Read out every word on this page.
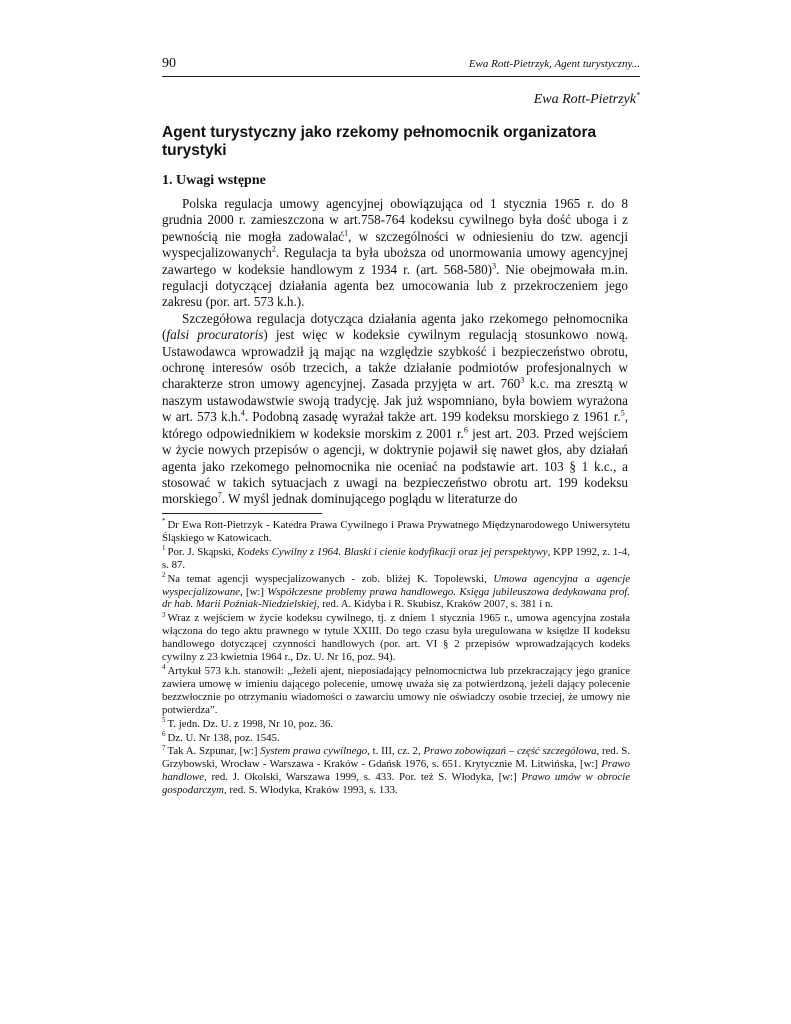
90	Ewa Rott-Pietrzyk, Agent turystyczny...
Ewa Rott-Pietrzyk*
Agent turystyczny jako rzekomy pełnomocnik organizatora turystyki
1. Uwagi wstępne

Polska regulacja umowy agencyjnej obowiązująca od 1 stycznia 1965 r. do 8 grudnia 2000 r. zamieszczona w art.758-764 kodeksu cywilnego była dość uboga i z pewnością nie mogła zadowalać$^1$, w szczególności w odniesieniu do tzw. agencji wyspecjalizowanych$^2$. Regulacja ta była uboższa od unormowania umowy agencyjnej zawartego w kodeksie handlowym z 1934 r. (art. 568-580)$^3$. Nie obejmowała m.in. regulacji dotyczącej działania agenta bez umocowania lub z przekroczeniem jego zakresu (por. art. 573 k.h.).

Szczegółowa regulacja dotycząca działania agenta jako rzekomego pełnomocnika (falsi procuratoris) jest więc w kodeksie cywilnym regulacją stosunkowo nową. Ustawodawca wprowadził ją mając na względzie szybkość i bezpieczeństwo obrotu, ochronę interesów osób trzecich, a także działanie podmiotów profesjonalnych w charakterze stron umowy agencyjnej. Zasada przyjęta w art. $760^3$ k.c. ma zresztą w naszym ustawodawstwie swoją tradycję. Jak już wspomniano, była bowiem wyrażona w art. 573 k.h.$^4$. Podobną zasadę wyrażał także art. 199 kodeksu morskiego z 1961 r.$^5$, którego odpowiednikiem w kodeksie morskim z 2001 r.$^6$ jest art. 203. Przed wejściem w życie nowych przepisów o agencji, w doktrynie pojawił się nawet głos, aby działań agenta jako rzekomego pełnomocnika nie oceniać na podstawie art. 103 § 1 k.c., a stosować w takich sytuacjach z uwagi na bezpieczeństwo obrotu art. 199 kodeksu morskiego$^7$. W myśl jednak dominującego poglądu w literaturze do

* Dr Ewa Rott-Pietrzyk - Katedra Prawa Cywilnego i Prawa Prywatnego Międzynarodowego Uniwersytetu Śląskiego w Katowicach.

$^1$ Por. J. Skąpski, Kodeks Cywilny z 1964. Blaski i cienie kodyfikacji oraz jej perspektywy, KPP 1992, z. 1-4, s. 87.

$^2$ Na temat agencji wyspecjalizowanych - zob. bliżej K. Topolewski, Umowa agencyjna a agencje wyspecjalizowane, [w:] Współczesne problemy prawa handlowego. Księga jubileuszowa dedykowana prof. dr hab. Marii Poźniak-Niedzielskiej, red. A. Kidyba i R. Skubisz, Kraków 2007, s. 381 i n.

$^3$ Wraz z wejściem w życie kodeksu cywilnego, tj. z dniem 1 stycznia 1965 r., umowa agencyjna została włączona do tego aktu prawnego w tytule XXIII. Do tego czasu była uregulowana w księdze II kodeksu handlowego dotyczącej czynności handlowych (por. art. VI § 2 przepisów wprowadzających kodeks cywilny z 23 kwietnia 1964 r., Dz. U. Nr 16, poz. 94).

$^4$ Artykuł 573 k.h. stanowił: „Jeżeli ajent, nieposiadający pełnomocnictwa lub przekraczający jego granice zawiera umowę w imieniu dającego polecenie, umowę uważa się za potwierdzoną, jeżeli dający polecenie bezzwłocznie po otrzymaniu wiadomości o zawarciu umowy nie oświadczy osobie trzeciej, że umowy nie potwierdza”.

$^5$ T. jedn. Dz. U. z 1998, Nr 10, poz. 36.

$^6$ Dz. U. Nr 138, poz. 1545.

$^7$ Tak A. Szpunar, [w:] System prawa cywilnego, t. III, cz. 2, Prawo zobowiązań – część szczególowa, red. S. Grzybowski, Wrocław - Warszawa - Kraków - Gdańsk 1976, s. 651. Krytycznie M. Litwińska, [w:] Prawo handlowe, red. J. Okolski, Warszawa 1999, s. 433. Por. też S. Włodyka, [w:] Prawo umów w obrocie gospodarczym, red. S. Włodyka, Kraków 1993, s. 133.
